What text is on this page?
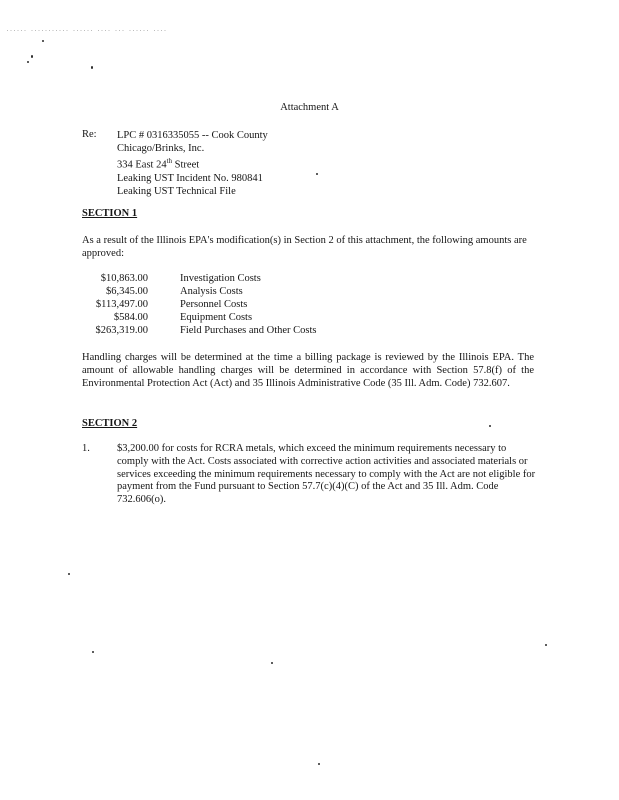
...... ........... ...... .... ... ...... ....
Attachment A
Re: LPC # 0316335055 -- Cook County
Chicago/Brinks, Inc.
334 East 24th Street
Leaking UST Incident No. 980841
Leaking UST Technical File
SECTION 1
As a result of the Illinois EPA's modification(s) in Section 2 of this attachment, the following amounts are approved:
$10,863.00	Investigation Costs
$6,345.00	Analysis Costs
$113,497.00	Personnel Costs
$584.00	Equipment Costs
$263,319.00	Field Purchases and Other Costs
Handling charges will be determined at the time a billing package is reviewed by the Illinois EPA. The amount of allowable handling charges will be determined in accordance with Section 57.8(f) of the Environmental Protection Act (Act) and 35 Illinois Administrative Code (35 Ill. Adm. Code) 732.607.
SECTION 2
1.	$3,200.00 for costs for RCRA metals, which exceed the minimum requirements necessary to comply with the Act. Costs associated with corrective action activities and associated materials or services exceeding the minimum requirements necessary to comply with the Act are not eligible for payment from the Fund pursuant to Section 57.7(c)(4)(C) of the Act and 35 Ill. Adm. Code 732.606(o).
